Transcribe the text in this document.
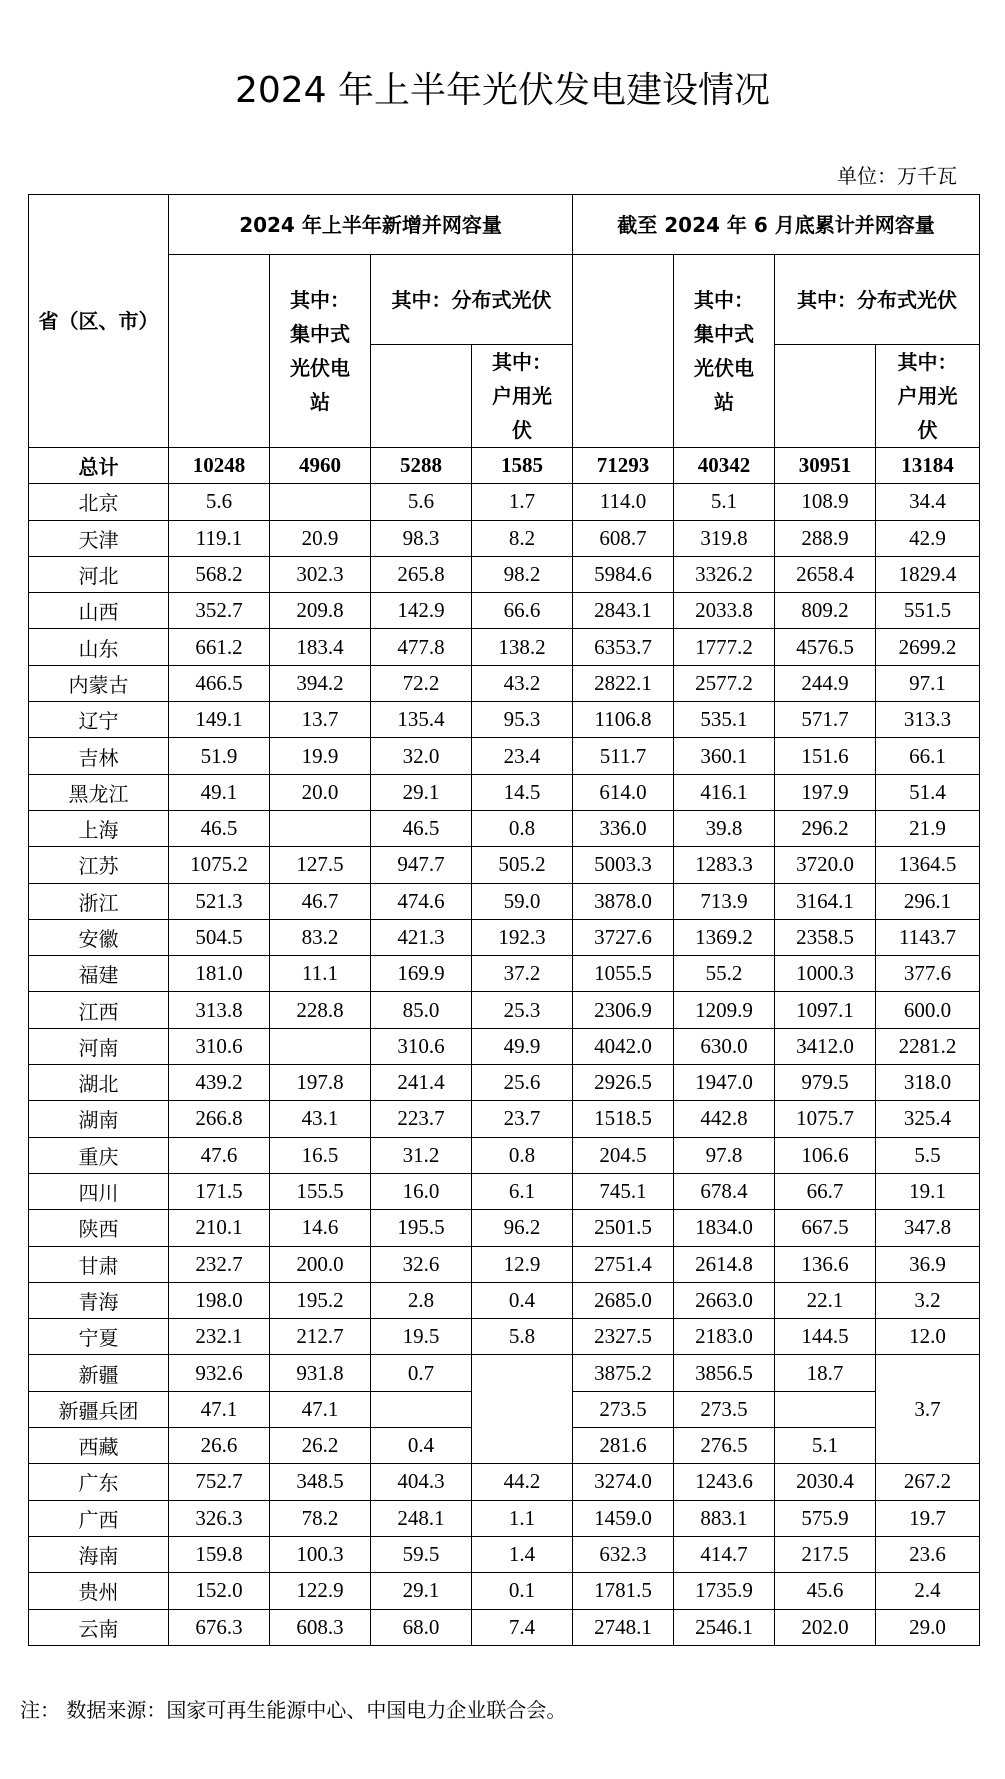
2024 年上半年光伏发电建设情况
单位：万千瓦
省（区、市）	2024 年上半年新增并网容量				截至 2024 年 6 月底累计并网容量			
		其中：集中式光伏电站	其中：分布式光伏			其中：集中式光伏电站	其中：分布式光伏	
				其中：户用光伏				其中：户用光伏
总计	10248	4960	5288	1585	71293	40342	30951	13184
北京	5.6		5.6	1.7	114.0	5.1	108.9	34.4
天津	119.1	20.9	98.3	8.2	608.7	319.8	288.9	42.9
河北	568.2	302.3	265.8	98.2	5984.6	3326.2	2658.4	1829.4
山西	352.7	209.8	142.9	66.6	2843.1	2033.8	809.2	551.5
山东	661.2	183.4	477.8	138.2	6353.7	1777.2	4576.5	2699.2
内蒙古	466.5	394.2	72.2	43.2	2822.1	2577.2	244.9	97.1
辽宁	149.1	13.7	135.4	95.3	1106.8	535.1	571.7	313.3
吉林	51.9	19.9	32.0	23.4	511.7	360.1	151.6	66.1
黑龙江	49.1	20.0	29.1	14.5	614.0	416.1	197.9	51.4
上海	46.5		46.5	0.8	336.0	39.8	296.2	21.9
江苏	1075.2	127.5	947.7	505.2	5003.3	1283.3	3720.0	1364.5
浙江	521.3	46.7	474.6	59.0	3878.0	713.9	3164.1	296.1
安徽	504.5	83.2	421.3	192.3	3727.6	1369.2	2358.5	1143.7
福建	181.0	11.1	169.9	37.2	1055.5	55.2	1000.3	377.6
江西	313.8	228.8	85.0	25.3	2306.9	1209.9	1097.1	600.0
河南	310.6		310.6	49.9	4042.0	630.0	3412.0	2281.2
湖北	439.2	197.8	241.4	25.6	2926.5	1947.0	979.5	318.0
湖南	266.8	43.1	223.7	23.7	1518.5	442.8	1075.7	325.4
重庆	47.6	16.5	31.2	0.8	204.5	97.8	106.6	5.5
四川	171.5	155.5	16.0	6.1	745.1	678.4	66.7	19.1
陕西	210.1	14.6	195.5	96.2	2501.5	1834.0	667.5	347.8
甘肃	232.7	200.0	32.6	12.9	2751.4	2614.8	136.6	36.9
青海	198.0	195.2	2.8	0.4	2685.0	2663.0	22.1	3.2
宁夏	232.1	212.7	19.5	5.8	2327.5	2183.0	144.5	12.0
新疆	932.6	931.8	0.7		3875.2	3856.5	18.7	3.7
新疆兵团	47.1	47.1			273.5	273.5		
西藏	26.6	26.2	0.4		281.6	276.5	5.1	
广东	752.7	348.5	404.3	44.2	3274.0	1243.6	2030.4	267.2
广西	326.3	78.2	248.1	1.1	1459.0	883.1	575.9	19.7
海南	159.8	100.3	59.5	1.4	632.3	414.7	217.5	23.6
贵州	152.0	122.9	29.1	0.1	1781.5	1735.9	45.6	2.4
云南	676.3	608.3	68.0	7.4	2748.1	2546.1	202.0	29.0
注： 数据来源：国家可再生能源中心、中国电力企业联合会。
